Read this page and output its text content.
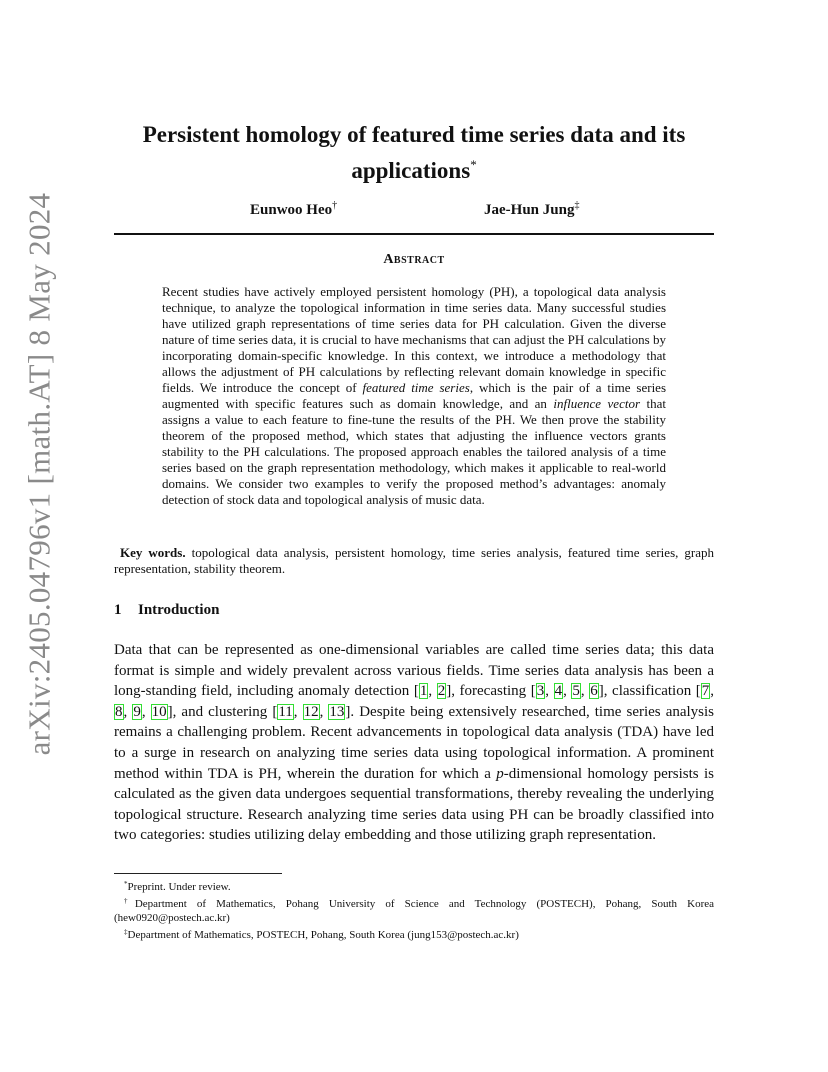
arXiv:2405.04796v1 [math.AT] 8 May 2024
Persistent homology of featured time series data and its applications*
Eunwoo Heo†	Jae-Hun Jung‡
Abstract

Recent studies have actively employed persistent homology (PH), a topological data analysis technique, to analyze the topological information in time series data. Many successful studies have utilized graph representations of time series data for PH calculation. Given the diverse nature of time series data, it is crucial to have mechanisms that can adjust the PH calculations by incorporating domain-specific knowledge. In this context, we introduce a methodology that allows the adjustment of PH calculations by reflecting relevant domain knowledge in specific fields. We introduce the concept of featured time series, which is the pair of a time series augmented with specific features such as domain knowledge, and an influence vector that assigns a value to each feature to fine-tune the results of the PH. We then prove the stability theorem of the proposed method, which states that adjusting the influence vectors grants stability to the PH calculations. The proposed approach enables the tailored analysis of a time series based on the graph representation methodology, which makes it applicable to real-world domains. We consider two examples to verify the proposed method’s advantages: anomaly detection of stock data and topological analysis of music data.

Key words. topological data analysis, persistent homology, time series analysis, featured time series, graph representation, stability theorem.

1 Introduction

Data that can be represented as one-dimensional variables are called time series data; this data format is simple and widely prevalent across various fields. Time series data analysis has been a long-standing field, including anomaly detection [1, 2], forecasting [3, 4, 5, 6], classification [7, 8, 9, 10], and clustering [11, 12, 13]. Despite being extensively researched, time series analysis remains a challenging problem. Recent advancements in topological data analysis (TDA) have led to a surge in research on analyzing time series data using topological information. A prominent method within TDA is PH, wherein the duration for which a p-dimensional homology persists is calculated as the given data undergoes sequential transformations, thereby revealing the underlying topological structure. Research analyzing time series data using PH can be broadly classified into two categories: studies utilizing delay embedding and those utilizing graph representation.

*Preprint. Under review.

†Department of Mathematics, Pohang University of Science and Technology (POSTECH), Pohang, South Korea (hew0920@postech.ac.kr)

‡Department of Mathematics, POSTECH, Pohang, South Korea (jung153@postech.ac.kr)
